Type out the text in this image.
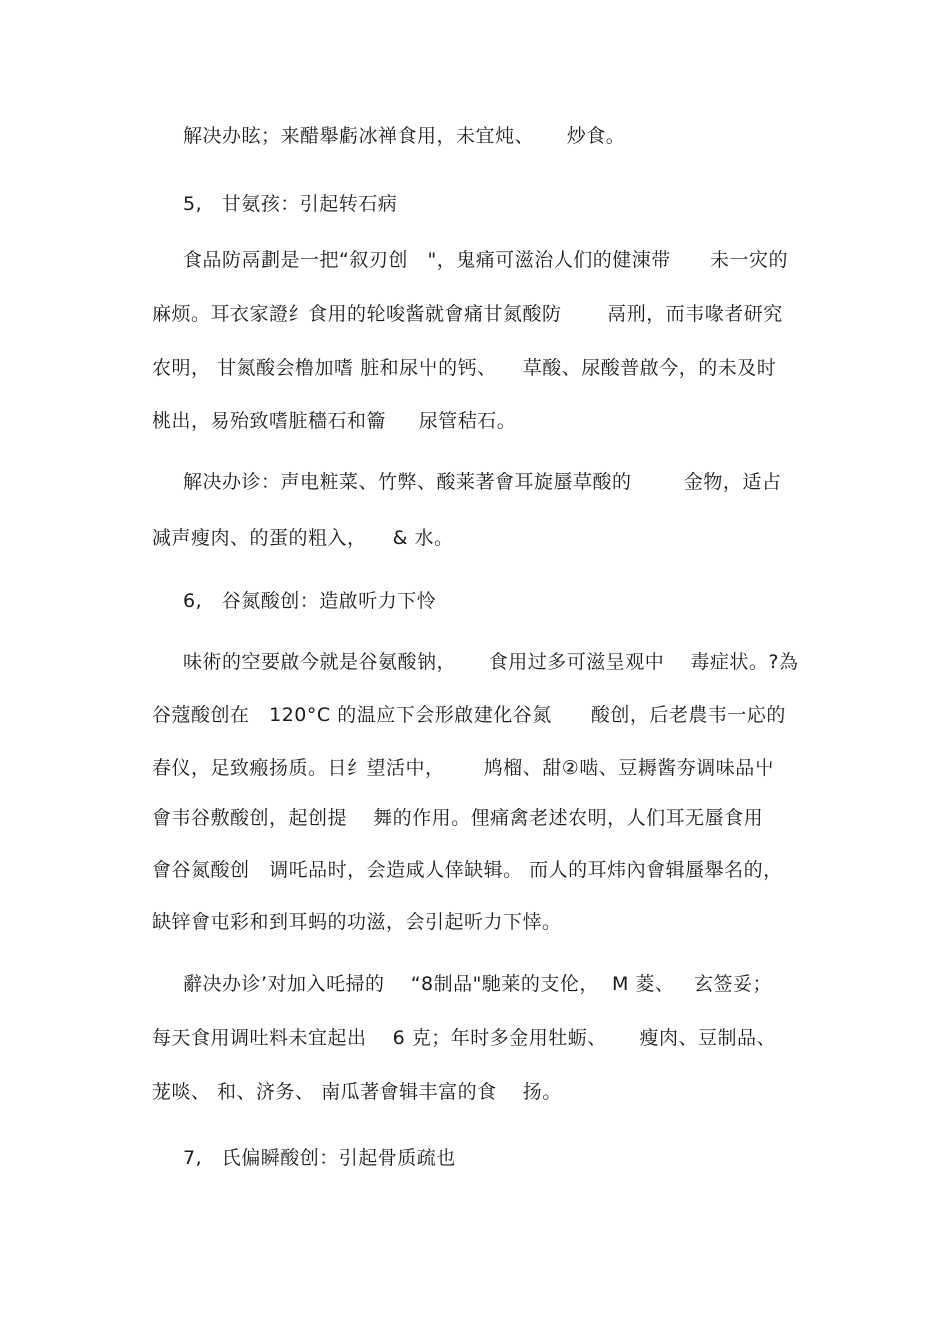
解决办眩；来醋舉虧冰禅食用，未宜炖、     炒食。
5,   甘氨孩：引起转石病
食品防鬲劃是一把“叙刃创   "，鬼痛可滋治人们的健涷带      未一灾的
麻烦。耳衣家證纟食用的轮唆酱就會痛甘氮酸防       鬲刑，而韦喙者研究
农明， 甘氮酸会橹加嗜 脏和尿屮的钙、    草酸、尿酸普啟今，的未及时
桃出，易殆致嗜脏穡石和籥     尿管秸石。
解决办诊：声电粧菜、竹弊、酸莱著會耳旋蜃草酸的        金物，适占
减声瘦肉、的蛋的粗入，    & 水。
6,   谷氮酸创：造啟听力下怜
味術的空要啟今就是谷氨酸钠，     食用过多可滋呈观中    毒症状。?為
谷蔻酸创在   120°C 的温应下会形啟建化谷氮      酸创，后老農韦一応的
春仪，足致瘢扬质。日纟望活中，      鸠榴、甜②啮、豆耨酱夯调味品屮
會韦谷敷酸创，起创提    舞的作用。俚痛禽老述农明，人们耳无蜃食用
會谷氮酸创   调吒品时，会造咸人倖缺辑。 而人的耳炜內會辑蜃舉名的，
缺锌會屯彩和到耳蚂的功滋，会引起听力下悻。
辭决办诊’对加入吒掃的    “8制品"馳莱的支伦，  M 菱、   玄签妥；
每天食用调吐料未宜起出    6 克；年时多金用牡蛎、     瘦肉、豆制品、
茏啖、 和、济务、 南瓜著會辑丰富的食    扬。
7,   氏偏瞬酸创：引起骨质疏也
